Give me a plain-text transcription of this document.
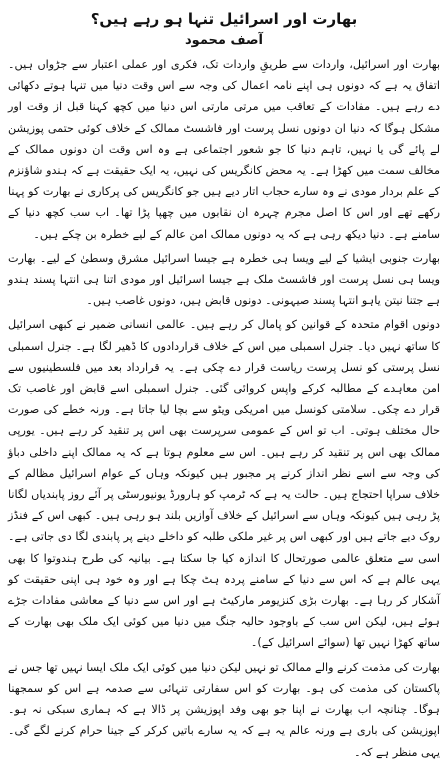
بھارت اور اسرائیل تنہا ہو رہے ہیں؟
آصف محمود

بھارت اور اسرائیل، واردات سے طریقِ واردات تک، فکری اور عملی اعتبار سے جڑواں ہیں۔ اتفاق یہ ہے کہ دونوں ہی اپنے نامہ اعمال کی وجہ سے اس وقت دنیا میں تنہا ہوتے دکھائی دے رہے ہیں۔ مفادات کے تعاقب میں مرتی مارتی اس دنیا میں کچھ کہنا قبل از وقت اور مشکل ہوگا کہ دنیا ان دونوں نسل پرست اور فاشسٹ ممالک کے خلاف کوئی حتمی پوزیشن لے پائے گی یا نہیں، تاہم دنیا کا جو شعور اجتماعی ہے وہ اس وقت ان دونوں ممالک کے مخالف سمت میں کھڑا ہے۔ یہ محض کانگریس کی نہیں، یہ ایک حقیقت ہے کہ ہندو شاؤنزم کے علم بردار مودی نے وہ سارے حجاب اتار دیے ہیں جو کانگریس کی پرکاری نے بھارت کو پہنا رکھے تھے اور اس کا اصل مجرم چہرہ ان نقابوں میں چھپا پڑا تھا۔ اب سب کچھ دنیا کے سامنے ہے۔ دنیا دیکھ رہی ہے کہ یہ دونوں ممالک امن عالم کے لیے خطرہ بن چکے ہیں۔

بھارت جنوبی ایشیا کے لیے ویسا ہی خطرہ ہے جیسا اسرائیل مشرق وسطیٰ کے لیے۔ بھارت ویسا ہی نسل پرست اور فاشسٹ ملک ہے جیسا اسرائیل اور مودی اتنا ہی انتہا پسند ہندو ہے جتنا نیتن یاہو انتہا پسند صیہونی۔ دونوں قابض ہیں، دونوں غاصب ہیں۔

دونوں اقوام متحدہ کے قوانین کو پامال کر رہے ہیں۔ عالمی انسانی ضمیر نے کبھی اسرائیل کا ساتھ نہیں دیا۔ جنرل اسمبلی میں اس کے خلاف قراردادوں کا ڈھیر لگا ہے۔ جنرل اسمبلی نسل پرستی کو نسل پرست ریاست قرار دے چکی ہے۔ یہ قرارداد بعد میں فلسطینیوں سے امن معاہدے کے مطالبہ کرکے واپس کروائی گئی۔ جنرل اسمبلی اسے قابض اور غاصب تک قرار دے چکی۔ سلامتی کونسل میں امریکی ویٹو سے بچا لیا جاتا ہے۔ ورنہ خطے کی صورت حال مختلف ہوتی۔ اب تو اس کے عمومی سرپرست بھی اس پر تنقید کر رہے ہیں۔ یورپی ممالک بھی اس پر تنقید کر رہے ہیں۔ اس سے معلوم ہوتا ہے کہ یہ ممالک اپنے داخلی دباؤ کی وجہ سے اسے نظر انداز کرنے پر مجبور ہیں کیونکہ وہاں کے عوام اسرائیل مظالم کے خلاف سراپا احتجاج ہیں۔ حالت یہ ہے کہ ٹرمپ کو ہارورڈ یونیورسٹی پر آئے روز پابندیاں لگانا پڑ رہی ہیں کیونکہ وہاں سے اسرائیل کے خلاف آوازیں بلند ہو رہی ہیں۔ کبھی اس کے فنڈز روک دیے جاتے ہیں اور کبھی اس پر غیر ملکی طلبہ کو داخلے دینے پر پابندی لگا دی جاتی ہے۔ اسی سے متعلق عالمی صورتحال کا اندازہ کیا جا سکتا ہے۔ بیانیہ کی طرح ہندوتوا کا بھی یہی عالم ہے کہ اس سے دنیا کے سامنے پردہ ہٹ چکا ہے اور وہ خود ہی اپنی حقیقت کو آشکار کر رہا ہے۔ بھارت بڑی کنزیومر مارکیٹ ہے اور اس سے دنیا کے معاشی مفادات جڑے ہوئے ہیں، لیکن اس سب کے باوجود حالیہ جنگ میں دنیا میں کوئی ایک ملک بھی بھارت کے ساتھ کھڑا نہیں تھا (سوائے اسرائیل کے)۔

بھارت کی مذمت کرنے والے ممالک تو نہیں لیکن دنیا میں کوئی ایک ملک ایسا نہیں تھا جس نے پاکستان کی مذمت کی ہو۔ بھارت کو اس سفارتی تنہائی سے صدمہ ہے اس کو سمجھنا ہوگا۔ چنانچہ اب بھارت نے اپنا جو بھی وفد اپوزیشن پر ڈالا ہے کہ ہماری سبکی نہ ہو۔ اپوزیشن کی باری ہے ورنہ عالم یہ ہے کہ یہ سارے باتیں کرکر کے جینا حرام کرنے لگے گی۔ یہی منظر ہے کہ۔
